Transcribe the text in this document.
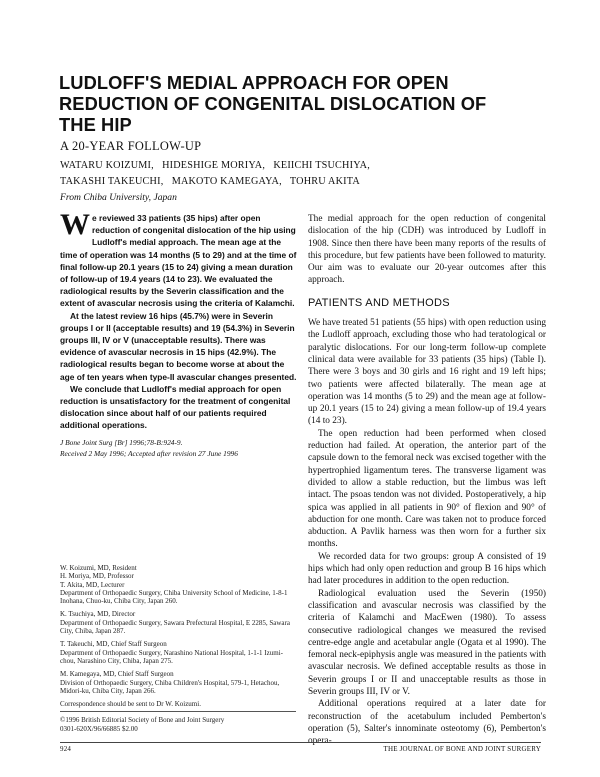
LUDLOFF'S MEDIAL APPROACH FOR OPEN REDUCTION OF CONGENITAL DISLOCATION OF THE HIP
A 20-YEAR FOLLOW-UP
WATARU KOIZUMI,   HIDESHIGE MORIYA,   KEIICHI TSUCHIYA,
TAKASHI TAKEUCHI,   MAKOTO KAMEGAYA,   TOHRU AKITA
From Chiba University, Japan

We reviewed 33 patients (35 hips) after open reduction of congenital dislocation of the hip using Ludloff's medial approach. The mean age at the time of operation was 14 months (5 to 29) and at the time of final follow-up 20.1 years (15 to 24) giving a mean duration of follow-up of 19.4 years (14 to 23). We evaluated the radiological results by the Severin classification and the extent of avascular necrosis using the criteria of Kalamchi.

At the latest review 16 hips (45.7%) were in Severin groups I or II (acceptable results) and 19 (54.3%) in Severin groups III, IV or V (unacceptable results). There was evidence of avascular necrosis in 15 hips (42.9%). The radiological results began to become worse at about the age of ten years when type-II avascular changes presented.

We conclude that Ludloff's medial approach for open reduction is unsatisfactory for the treatment of congenital dislocation since about half of our patients required additional operations.

J Bone Joint Surg [Br] 1996;78-B:924-9.
Received 2 May 1996; Accepted after revision 27 June 1996
W. Koizumi, MD, Resident
H. Moriya, MD, Professor
T. Akita, MD, Lecturer
Department of Orthopaedic Surgery, Chiba University School of Medicine, 1-8-1 Inohana, Chuo-ku, Chiba City, Japan 260.
K. Tsuchiya, MD, Director
Department of Orthopaedic Surgery, Sawara Prefectural Hospital, E 2285, Sawara City, Chiba, Japan 287.
T. Takeuchi, MD, Chief Staff Surgeon
Department of Orthopaedic Surgery, Narashino National Hospital, 1-1-1 Izumi-chou, Narashino City, Chiba, Japan 275.
M. Kamegaya, MD, Chief Staff Surgeon
Division of Orthopaedic Surgery, Chiba Children's Hospital, 579-1, Hetachou, Midori-ku, Chiba City, Japan 266.
Correspondence should be sent to Dr W. Koizumi.
©1996 British Editorial Society of Bone and Joint Surgery
0301-620X/96/66885 $2.00

The medial approach for the open reduction of congenital dislocation of the hip (CDH) was introduced by Ludloff in 1908. Since then there have been many reports of the results of this procedure, but few patients have been followed to maturity. Our aim was to evaluate our 20-year outcomes after this approach.

PATIENTS AND METHODS

We have treated 51 patients (55 hips) with open reduction using the Ludloff approach, excluding those who had teratological or paralytic dislocations. For our long-term follow-up complete clinical data were available for 33 patients (35 hips) (Table I). There were 3 boys and 30 girls and 16 right and 19 left hips; two patients were affected bilaterally. The mean age at operation was 14 months (5 to 29) and the mean age at follow-up 20.1 years (15 to 24) giving a mean follow-up of 19.4 years (14 to 23).

The open reduction had been performed when closed reduction had failed. At operation, the anterior part of the capsule down to the femoral neck was excised together with the hypertrophied ligamentum teres. The transverse ligament was divided to allow a stable reduction, but the limbus was left intact. The psoas tendon was not divided. Postoperatively, a hip spica was applied in all patients in 90° of flexion and 90° of abduction for one month. Care was taken not to produce forced abduction. A Pavlik harness was then worn for a further six months.

We recorded data for two groups: group A consisted of 19 hips which had only open reduction and group B 16 hips which had later procedures in addition to the open reduction.

Radiological evaluation used the Severin (1950) classification and avascular necrosis was classified by the criteria of Kalamchi and MacEwen (1980). To assess consecutive radiological changes we measured the revised centre-edge angle and acetabular angle (Ogata et al 1990). The femoral neck-epiphysis angle was measured in the patients with avascular necrosis. We defined acceptable results as those in Severin groups I or II and unacceptable results as those in Severin groups III, IV or V.

Additional operations required at a later date for reconstruction of the acetabulum included Pemberton's operation (5), Salter's innominate osteotomy (6), Pemberton's opera-

924	THE JOURNAL OF BONE AND JOINT SURGERY
